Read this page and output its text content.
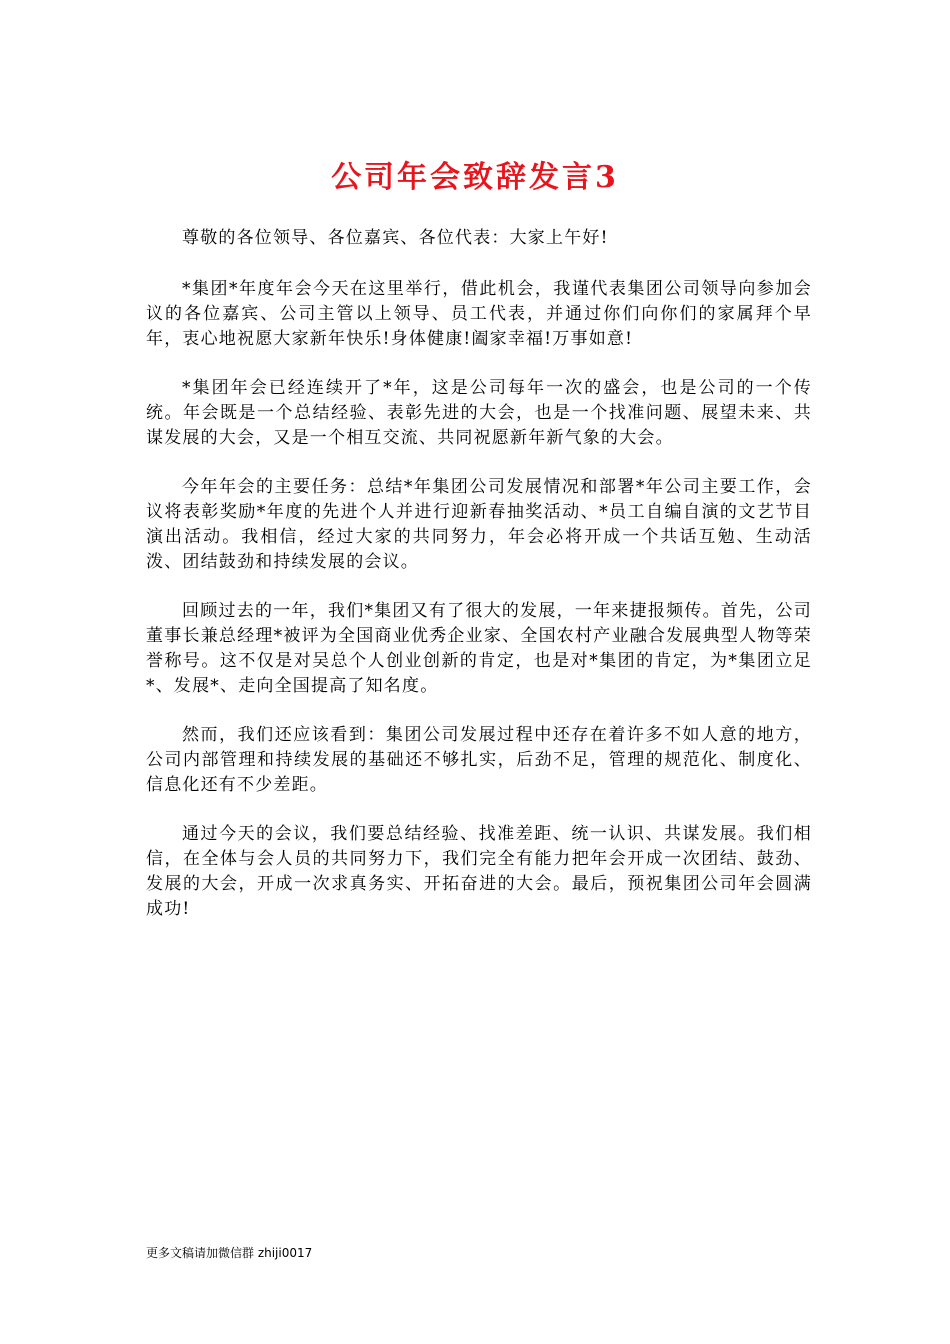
公司年会致辞发言3

尊敬的各位领导、各位嘉宾、各位代表：大家上午好!

*集团*年度年会今天在这里举行，借此机会，我谨代表集团公司领导向参加会议的各位嘉宾、公司主管以上领导、员工代表，并通过你们向你们的家属拜个早年，衷心地祝愿大家新年快乐!身体健康!阖家幸福!万事如意!

*集团年会已经连续开了*年，这是公司每年一次的盛会，也是公司的一个传统。年会既是一个总结经验、表彰先进的大会，也是一个找准问题、展望未来、共谋发展的大会，又是一个相互交流、共同祝愿新年新气象的大会。

今年年会的主要任务：总结*年集团公司发展情况和部署*年公司主要工作，会议将表彰奖励*年度的先进个人并进行迎新春抽奖活动、*员工自编自演的文艺节目演出活动。我相信，经过大家的共同努力，年会必将开成一个共话互勉、生动活泼、团结鼓劲和持续发展的会议。

回顾过去的一年，我们*集团又有了很大的发展，一年来捷报频传。首先，公司董事长兼总经理*被评为全国商业优秀企业家、全国农村产业融合发展典型人物等荣誉称号。这不仅是对吴总个人创业创新的肯定，也是对*集团的肯定，为*集团立足*、发展*、走向全国提高了知名度。

然而，我们还应该看到：集团公司发展过程中还存在着许多不如人意的地方，公司内部管理和持续发展的基础还不够扎实，后劲不足，管理的规范化、制度化、信息化还有不少差距。

通过今天的会议，我们要总结经验、找准差距、统一认识、共谋发展。我们相信，在全体与会人员的共同努力下，我们完全有能力把年会开成一次团结、鼓劲、发展的大会，开成一次求真务实、开拓奋进的大会。最后，预祝集团公司年会圆满成功!

更多文稿请加微信群 zhiji0017
